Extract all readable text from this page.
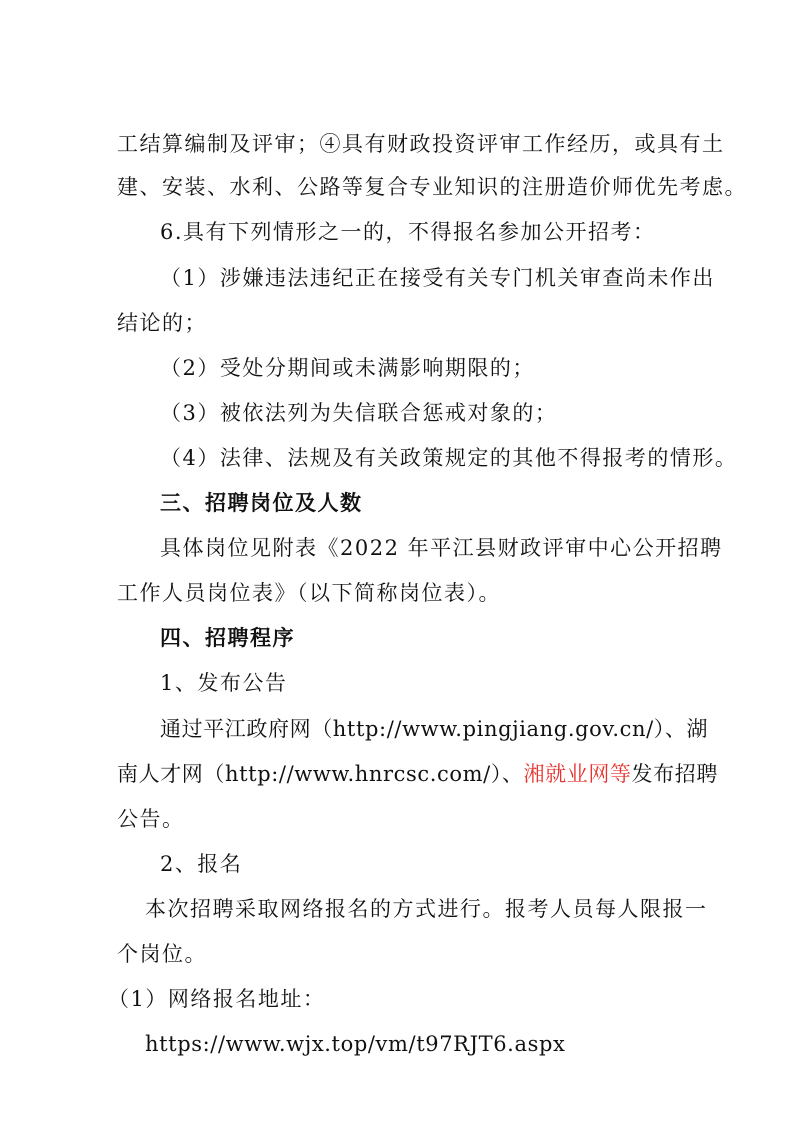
工结算编制及评审；④具有财政投资评审工作经历，或具有土
建、安装、水利、公路等复合专业知识的注册造价师优先考虑。
6.具有下列情形之一的，不得报名参加公开招考：
（1）涉嫌违法违纪正在接受有关专门机关审查尚未作出
结论的；
（2）受处分期间或未满影响期限的；
（3）被依法列为失信联合惩戒对象的；
（4）法律、法规及有关政策规定的其他不得报考的情形。
三、招聘岗位及人数
具体岗位见附表《2022 年平江县财政评审中心公开招聘
工作人员岗位表》（以下简称岗位表）。
四、招聘程序
1、发布公告
通过平江政府网（http://www.pingjiang.gov.cn/）、湖
南人才网（http://www.hnrcsc.com/）、湘就业网等发布招聘
公告。
2、报名
本次招聘采取网络报名的方式进行。报考人员每人限报一
个岗位。
（1）网络报名地址：
https://www.wjx.top/vm/t97RJT6.aspx
